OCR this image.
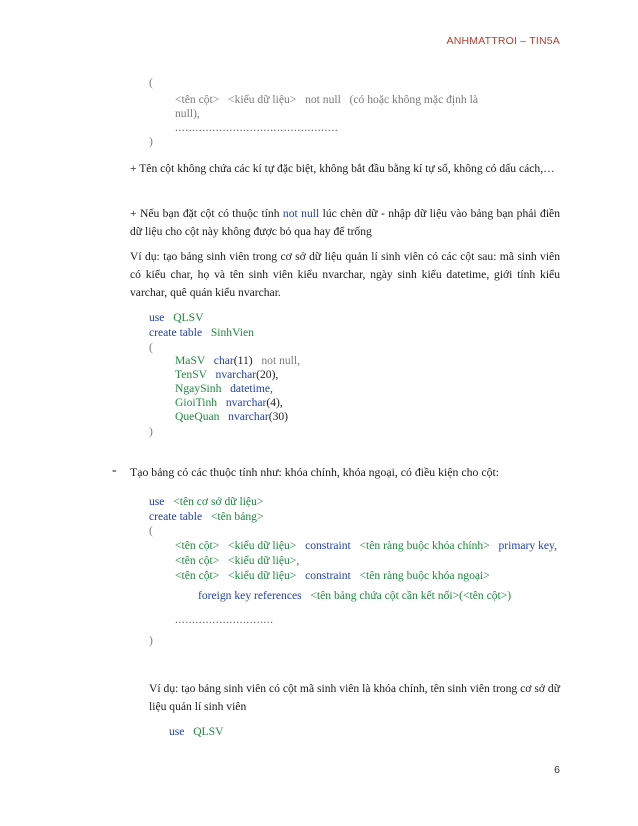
ANHMATTROI – TIN5A
(
<tên cột> <kiểu dữ liệu> not null (có hoặc không mặc định là
null),
................................................
)
+ Tên cột không chứa các kí tự đặc biệt, không bắt đầu bằng kí tự số, không có dấu cách,…
+ Nếu bạn đặt cột có thuộc tính not null lúc chèn dữ - nhập dữ liệu vào bảng bạn phải điền dữ liệu cho cột này không được bỏ qua hay để trống
Ví dụ: tạo bảng sinh viên trong cơ sở dữ liệu quản lí sinh viên có các cột sau: mã sinh viên có kiểu char, họ và tên sinh viên kiểu nvarchar, ngày sinh kiểu datetime, giới tính kiểu varchar, quê quán kiểu nvarchar.
use QLSV
create table SinhVien
(
MaSV char(11) not null,
TenSV nvarchar(20),
NgaySinh datetime,
GioiTinh nvarchar(4),
QueQuan nvarchar(30)
)
- Tạo bảng có các thuộc tính như: khóa chính, khóa ngoại, có điều kiện cho cột:
use <tên cơ sở dữ liệu>
create table <tên bảng>
(
<tên cột> <kiểu dữ liệu> constraint <tên ràng buộc khóa chính> primary key,
<tên cột> <kiểu dữ liệu>,
<tên cột> <kiểu dữ liệu> constraint <tên ràng buộc khóa ngoại>
foreign key references <tên bảng chứa cột cần kết nối>(<tên cột>)
.............................
)
Ví dụ: tạo bảng sinh viên có cột mã sinh viên là khóa chính, tên sinh viên trong cơ sở dữ liệu quản lí sinh viên
use QLSV
6
